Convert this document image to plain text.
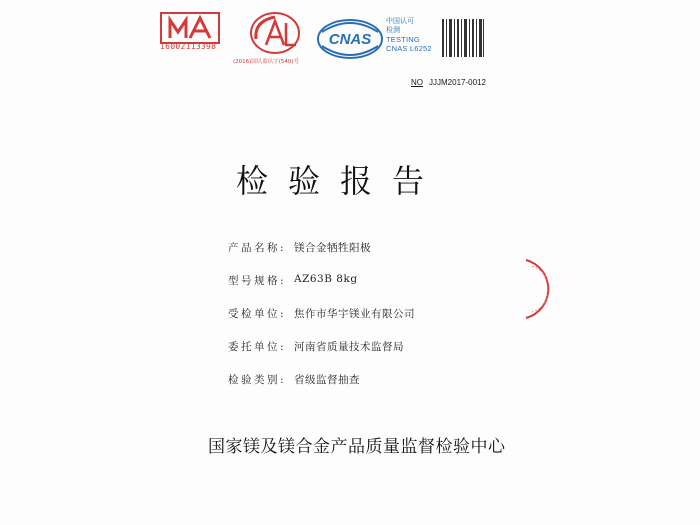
16002113398
(2016)国认监认字(540)号
CNAS
中国认可
检测
TESTING
CNAS L6252
NO JJJM2017-0012
检验报告
产品名称: 镁合金牺牲阳极
型号规格: AZ63B 8kg
受检单位: 焦作市华宇镁业有限公司
委托单位: 河南省质量技术监督局
检验类别: 省级监督抽查
国家镁及镁合金产品质量监督检验中心
